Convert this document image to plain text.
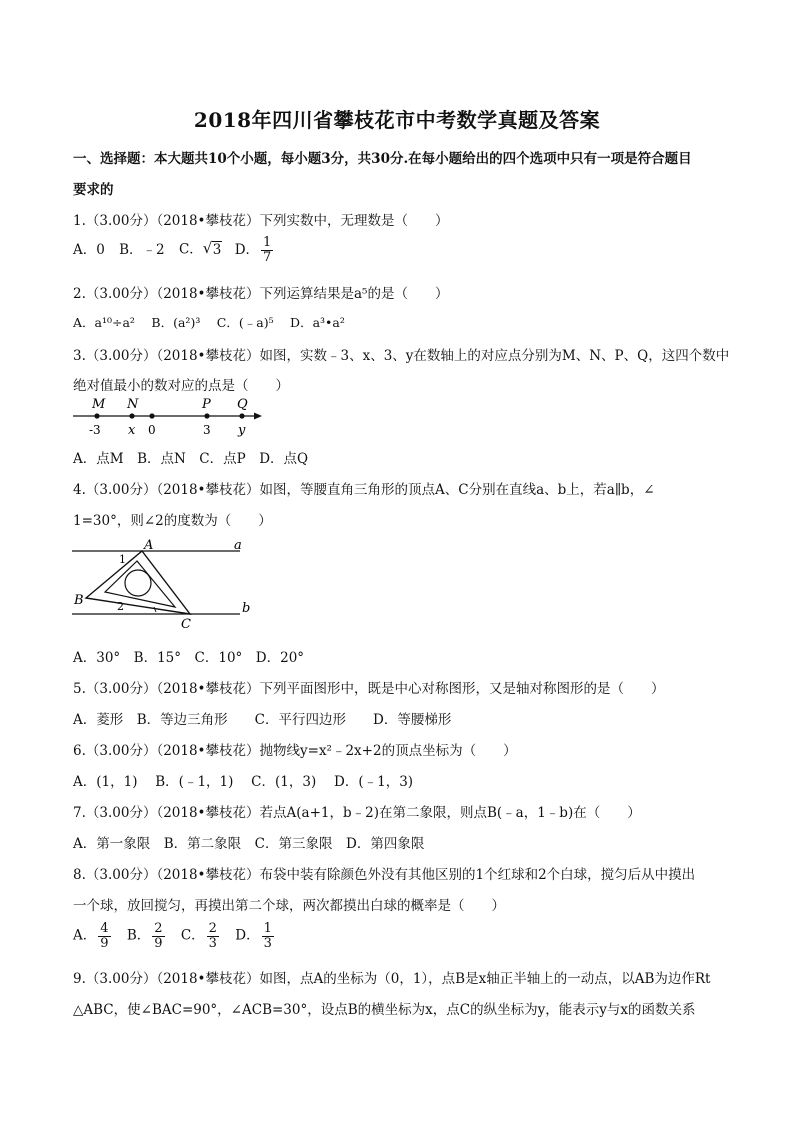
2018年四川省攀枝花市中考数学真题及答案
一、选择题：本大题共10个小题，每小题3分，共30分.在每小题给出的四个选项中只有一项是符合题目
要求的
1.（3.00分）（2018•攀枝花）下列实数中，无理数是（　　）
A．0 B．﹣2 C． √ 3 D． $\frac{1}{7}$
2.（3.00分）（2018•攀枝花）下列运算结果是a⁵的是（　　）
A．a¹⁰÷a²　 B．(a²)³　 C．(﹣a)⁵　 D．a³•a²
3.（3.00分）（2018•攀枝花）如图，实数﹣3、x、3、y在数轴上的对应点分别为M、N、P、Q，这四个数中
绝对值最小的数对应的点是（　　）
M N	P Q
-3 x 0	3 y
A．点M　B．点N　C．点P　D．点Q
4.（3.00分）（2018•攀枝花）如图，等腰直角三角形的顶点A、C分别在直线a、b上，若a∥b，∠
1=30°，则∠2的度数为（　　）
A
B
C
a
b
1
2
A．30°　B．15°　C．10°　D．20°
5.（3.00分）（2018•攀枝花）下列平面图形中，既是中心对称图形，又是轴对称图形的是（　　）
A．菱形　B．等边三角形　　C．平行四边形　　D．等腰梯形
6.（3.00分）（2018•攀枝花）抛物线y=x²﹣2x+2的顶点坐标为（　　）
A．(1，1)　 B．(﹣1，1)　 C．(1，3)　 D．(﹣1，3)
7.（3.00分）（2018•攀枝花）若点A(a+1，b﹣2)在第二象限，则点B(﹣a，1﹣b)在（　　）
A．第一象限　B．第二象限　C．第三象限　D．第四象限
8.（3.00分）（2018•攀枝花）布袋中装有除颜色外没有其他区别的1个红球和2个白球，搅匀后从中摸出
一个球，放回搅匀，再摸出第二个球，两次都摸出白球的概率是（　　）
A． $\frac{4}{9}$ B． $\frac{2}{9}$ C． $\frac{2}{3}$ D． $\frac{1}{3}$
9.（3.00分）（2018•攀枝花）如图，点A的坐标为（0，1），点B是x轴正半轴上的一动点，以AB为边作Rt
△ABC，使∠BAC=90°，∠ACB=30°，设点B的横坐标为x，点C的纵坐标为y，能表示y与x的函数关系
